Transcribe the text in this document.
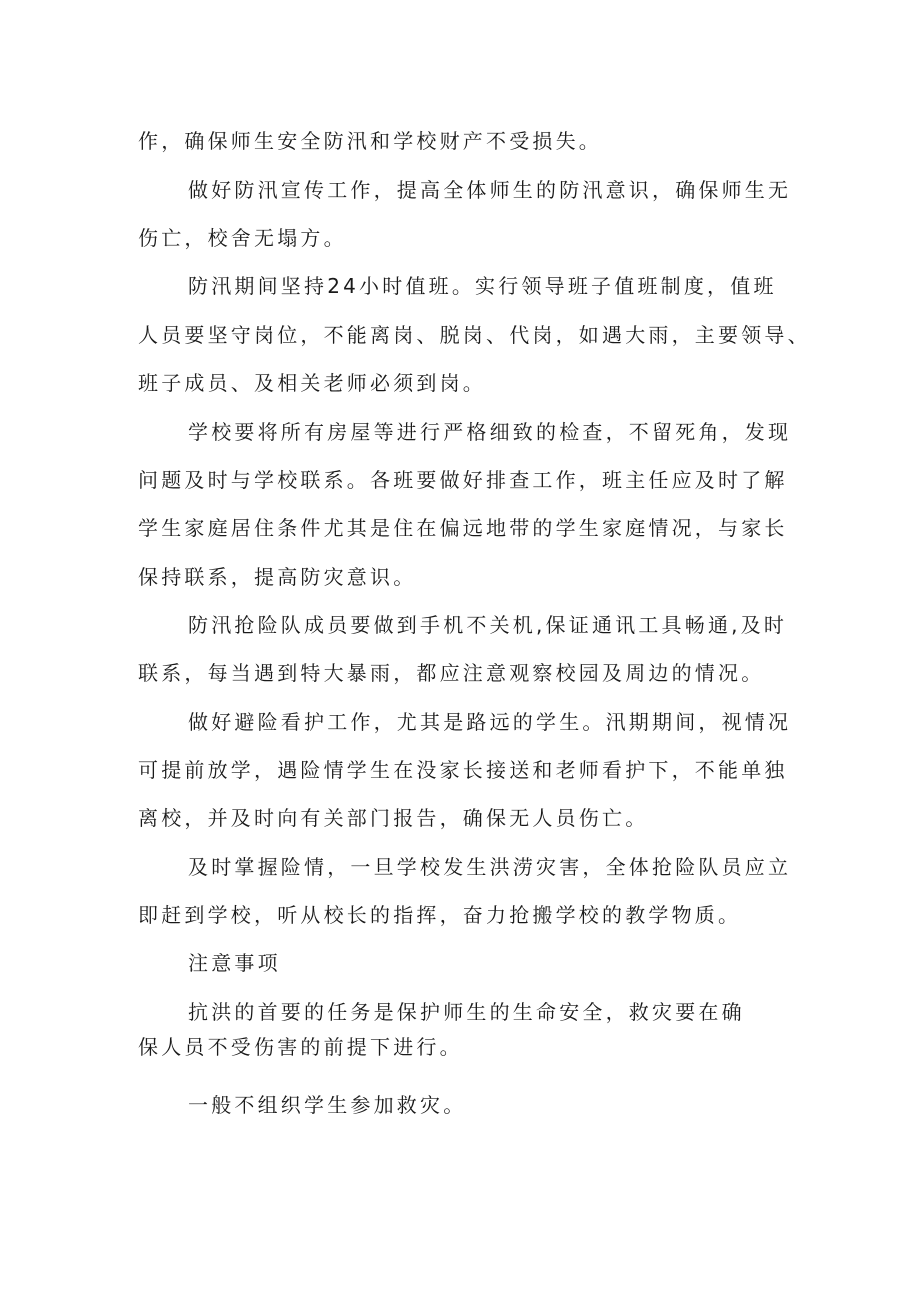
作，确保师生安全防汛和学校财产不受损失。
做好防汛宣传工作，提高全体师生的防汛意识，确保师生无
伤亡，校舍无塌方。
防汛期间坚持24小时值班。实行领导班子值班制度，值班
人员要坚守岗位，不能离岗、脱岗、代岗，如遇大雨，主要领导、
班子成员、及相关老师必须到岗。
学校要将所有房屋等进行严格细致的检查，不留死角，发现
问题及时与学校联系。各班要做好排查工作，班主任应及时了解
学生家庭居住条件尤其是住在偏远地带的学生家庭情况，与家长
保持联系，提高防灾意识。
防汛抢险队成员要做到手机不关机,保证通讯工具畅通,及时
联系，每当遇到特大暴雨，都应注意观察校园及周边的情况。
做好避险看护工作，尤其是路远的学生。汛期期间，视情况
可提前放学，遇险情学生在没家长接送和老师看护下，不能单独
离校，并及时向有关部门报告，确保无人员伤亡。
及时掌握险情，一旦学校发生洪涝灾害，全体抢险队员应立
即赶到学校，听从校长的指挥，奋力抢搬学校的教学物质。
注意事项
抗洪的首要的任务是保护师生的生命安全，救灾要在确
保人员不受伤害的前提下进行。
一般不组织学生参加救灾。
